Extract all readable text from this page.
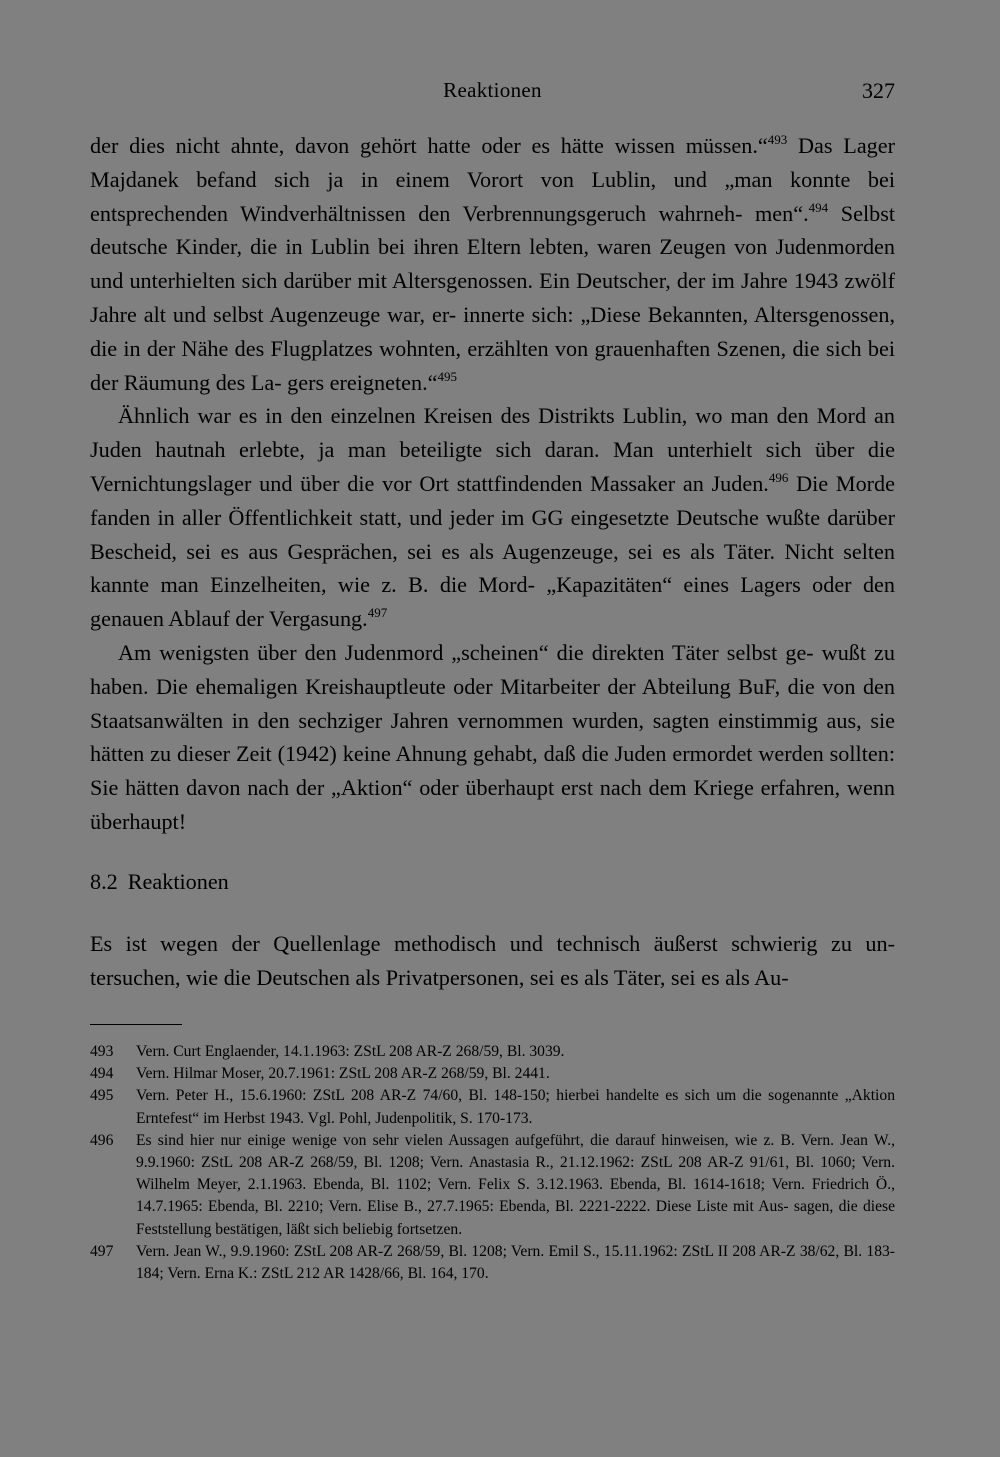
Reaktionen	327

der dies nicht ahnte, davon gehört hatte oder es hätte wissen müssen.“$^{493}$ Das Lager Majdanek befand sich ja in einem Vorort von Lublin, und „man konnte bei entsprechenden Windverhältnissen den Verbrennungsgeruch wahrneh- men“.$^{494}$ Selbst deutsche Kinder, die in Lublin bei ihren Eltern lebten, waren Zeugen von Judenmorden und unterhielten sich darüber mit Altersgenossen. Ein Deutscher, der im Jahre 1943 zwölf Jahre alt und selbst Augenzeuge war, er- innerte sich: „Diese Bekannten, Altersgenossen, die in der Nähe des Flugplatzes wohnten, erzählten von grauenhaften Szenen, die sich bei der Räumung des La- gers ereigneten.“$^{495}$

Ähnlich war es in den einzelnen Kreisen des Distrikts Lublin, wo man den Mord an Juden hautnah erlebte, ja man beteiligte sich daran. Man unterhielt sich über die Vernichtungslager und über die vor Ort stattfindenden Massaker an Juden.$^{496}$ Die Morde fanden in aller Öffentlichkeit statt, und jeder im GG eingesetzte Deutsche wußte darüber Bescheid, sei es aus Gesprächen, sei es als Augenzeuge, sei es als Täter. Nicht selten kannte man Einzelheiten, wie z. B. die Mord- „Kapazitäten“ eines Lagers oder den genauen Ablauf der Vergasung.$^{497}$

Am wenigsten über den Judenmord „scheinen“ die direkten Täter selbst ge- wußt zu haben. Die ehemaligen Kreishauptleute oder Mitarbeiter der Abteilung BuF, die von den Staatsanwälten in den sechziger Jahren vernommen wurden, sagten einstimmig aus, sie hätten zu dieser Zeit (1942) keine Ahnung gehabt, daß die Juden ermordet werden sollten: Sie hätten davon nach der „Aktion“ oder überhaupt erst nach dem Kriege erfahren, wenn überhaupt!

8.2 Reaktionen

Es ist wegen der Quellenlage methodisch und technisch äußerst schwierig zu un- tersuchen, wie die Deutschen als Privatpersonen, sei es als Täter, sei es als Au-

493	Vern. Curt Englaender, 14.1.1963: ZStL 208 AR-Z 268/59, Bl. 3039.
494	Vern. Hilmar Moser, 20.7.1961: ZStL 208 AR-Z 268/59, Bl. 2441.
495	Vern. Peter H., 15.6.1960: ZStL 208 AR-Z 74/60, Bl. 148-150; hierbei handelte es sich um die sogenannte „Aktion Erntefest“ im Herbst 1943. Vgl. Pohl, Judenpolitik, S. 170-173.
496	Es sind hier nur einige wenige von sehr vielen Aussagen aufgeführt, die darauf hinweisen, wie z. B. Vern. Jean W., 9.9.1960: ZStL 208 AR-Z 268/59, Bl. 1208; Vern. Anastasia R., 21.12.1962: ZStL 208 AR-Z 91/61, Bl. 1060; Vern. Wilhelm Meyer, 2.1.1963. Ebenda, Bl. 1102; Vern. Felix S. 3.12.1963. Ebenda, Bl. 1614-1618; Vern. Friedrich Ö., 14.7.1965: Ebenda, Bl. 2210; Vern. Elise B., 27.7.1965: Ebenda, Bl. 2221-2222. Diese Liste mit Aus- sagen, die diese Feststellung bestätigen, läßt sich beliebig fortsetzen.
497	Vern. Jean W., 9.9.1960: ZStL 208 AR-Z 268/59, Bl. 1208; Vern. Emil S., 15.11.1962: ZStL II 208 AR-Z 38/62, Bl. 183-184; Vern. Erna K.: ZStL 212 AR 1428/66, Bl. 164, 170.
